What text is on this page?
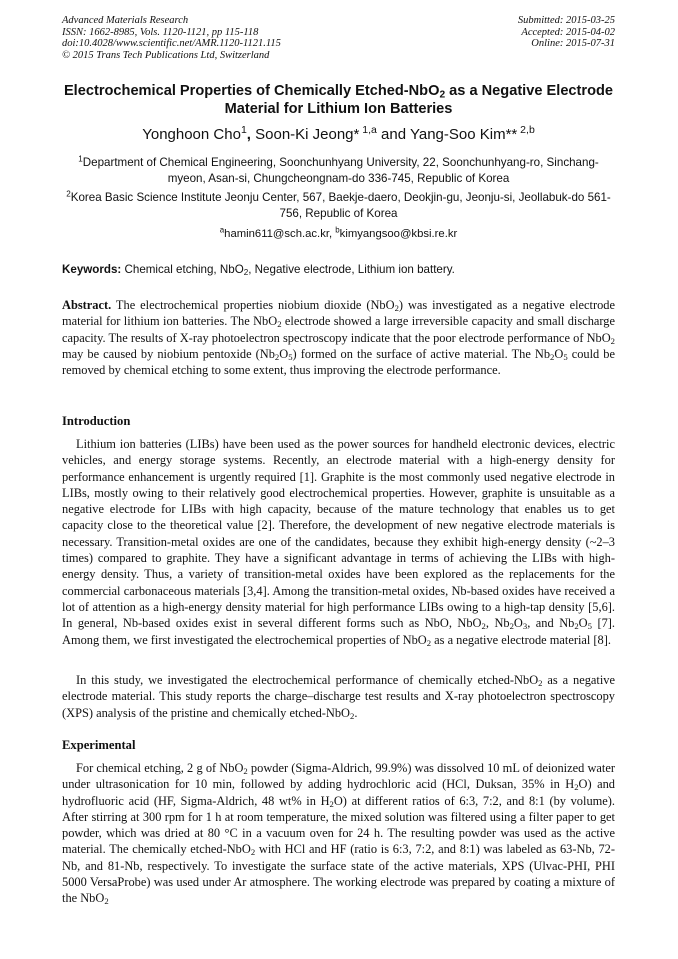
Advanced Materials Research
ISSN: 1662-8985, Vols. 1120-1121, pp 115-118
doi:10.4028/www.scientific.net/AMR.1120-1121.115
© 2015 Trans Tech Publications Ltd, Switzerland
Submitted: 2015-03-25
Accepted: 2015-04-02
Online: 2015-07-31
Electrochemical Properties of Chemically Etched-NbO$_2$ as a Negative Electrode Material for Lithium Ion Batteries
Yonghoon Cho$^1$, Soon-Ki Jeong* $^{1,a}$ and Yang-Soo Kim** $^{2,b}$
$^1$Department of Chemical Engineering, Soonchunhyang University, 22, Soonchunhyang-ro, Sinchang-myeon, Asan-si, Chungcheongnam-do 336-745, Republic of Korea
$^2$Korea Basic Science Institute Jeonju Center, 567, Baekje-daero, Deokjin-gu, Jeonju-si, Jeollabuk-do 561-756, Republic of Korea
$^a$hamin611@sch.ac.kr, $^b$kimyangsoo@kbsi.re.kr
Keywords: Chemical etching, NbO$_2$, Negative electrode, Lithium ion battery.

Abstract. The electrochemical properties niobium dioxide (NbO$_2$) was investigated as a negative electrode material for lithium ion batteries. The NbO$_2$ electrode showed a large irreversible capacity and small discharge capacity. The results of X-ray photoelectron spectroscopy indicate that the poor electrode performance of NbO$_2$ may be caused by niobium pentoxide $(Nb_2O_5)$ formed on the surface of active material. The $Nb_2O_5$ could be removed by chemical etching to some extent, thus improving the electrode performance.

Introduction

Lithium ion batteries (LIBs) have been used as the power sources for handheld electronic devices, electric vehicles, and energy storage systems. Recently, an electrode material with a high-energy density for performance enhancement is urgently required [1]. Graphite is the most commonly used negative electrode in LIBs, mostly owing to their relatively good electrochemical properties. However, graphite is unsuitable as a negative electrode for LIBs with high capacity, because of the mature technology that enables us to get capacity close to the theoretical value [2]. Therefore, the development of new negative electrode materials is necessary. Transition-metal oxides are one of the candidates, because they exhibit high-energy density (~2–3 times) compared to graphite. They have a significant advantage in terms of achieving the LIBs with high-energy density. Thus, a variety of transition-metal oxides have been explored as the replacements for the commercial carbonaceous materials [3,4]. Among the transition-metal oxides, Nb-based oxides have received a lot of attention as a high-energy density material for high performance LIBs owing to a high-tap density [5,6]. In general, Nb-based oxides exist in several different forms such as NbO, NbO$_2$, $Nb_2O_3$, and $Nb_2O_5$ [7]. Among them, we first investigated the electrochemical properties of NbO$_2$ as a negative electrode material [8].

In this study, we investigated the electrochemical performance of chemically etched-NbO$_2$ as a negative electrode material. This study reports the charge–discharge test results and X-ray photoelectron spectroscopy (XPS) analysis of the pristine and chemically etched-NbO$_2$.

Experimental

For chemical etching, 2 g of NbO$_2$ powder (Sigma-Aldrich, 99.9%) was dissolved 10 mL of deionized water under ultrasonication for 10 min, followed by adding hydrochloric acid (HCl, Duksan, 35% in $H_2O$) and hydrofluoric acid (HF, Sigma-Aldrich, 48 wt% in $H_2O$) at different ratios of 6:3, 7:2, and 8:1 (by volume). After stirring at 300 rpm for 1 h at room temperature, the mixed solution was filtered using a filter paper to get powder, which was dried at 80 °C in a vacuum oven for 24 h. The resulting powder was used as the active material. The chemically etched-NbO$_2$ with HCl and HF (ratio is 6:3, 7:2, and 8:1) was labeled as 63-Nb, 72-Nb, and 81-Nb, respectively. To investigate the surface state of the active materials, XPS (Ulvac-PHI, PHI 5000 VersaProbe) was used under Ar atmosphere. The working electrode was prepared by coating a mixture of the NbO$_2$
